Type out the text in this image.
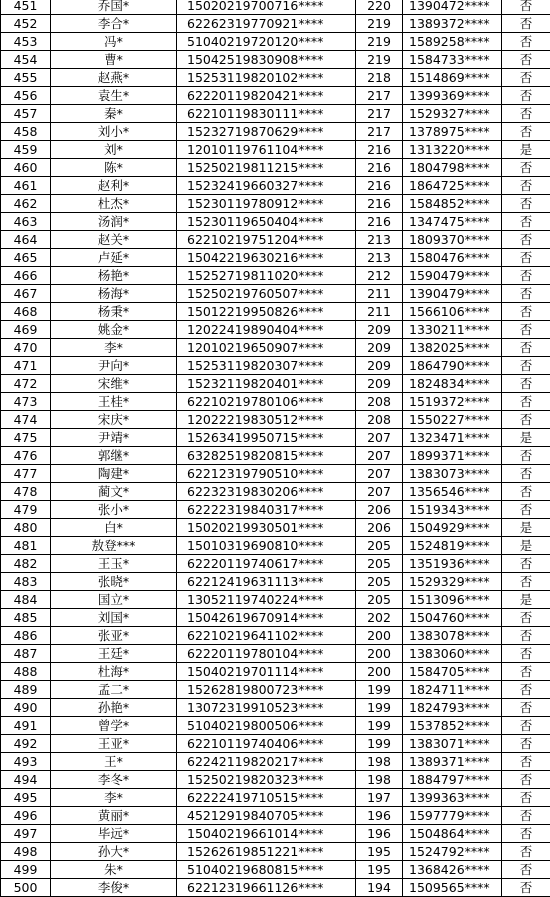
451	乔国*	15020219700716****	220	1390472****	否
452	李合*	62262319770921****	219	1389372****	否
453	冯*	51040219720120****	219	1589258****	否
454	曹*	15042519830908****	219	1584733****	否
455	赵燕*	15253119820102****	218	1514869****	否
456	袁生*	62220119820421****	217	1399369****	否
457	秦*	62210119830111****	217	1529327****	否
458	刘小*	15232719870629****	217	1378975****	否
459	刘*	12010119761104****	216	1313220****	是
460	陈*	15250219811215****	216	1804798****	否
461	赵利*	15232419660327****	216	1864725****	否
462	杜杰*	15230119780912****	216	1584852****	否
463	汤润*	15230119650404****	216	1347475****	否
464	赵关*	62210219751204****	213	1809370****	否
465	卢延*	15042219630216****	213	1580476****	否
466	杨艳*	15252719811020****	212	1590479****	否
467	杨海*	15250219760507****	211	1390479****	否
468	杨秉*	15012219950826****	211	1566106****	否
469	姚金*	12022419890404****	209	1330211****	否
470	李*	12010219650907****	209	1382025****	否
471	尹向*	15253119820307****	209	1864790****	否
472	宋维*	15232119820401****	209	1824834****	否
473	王桂*	62210219780106****	208	1519372****	否
474	宋庆*	12022219830512****	208	1550227****	否
475	尹靖*	15263419950715****	207	1323471****	是
476	郭继*	63282519820815****	207	1899371****	否
477	陶建*	62212319790510****	207	1383073****	否
478	蔺文*	62232319830206****	207	1356546****	否
479	张小*	62222319840317****	206	1519343****	否
480	白*	15020219930501****	206	1504929****	是
481	敖登***	15010319690810****	205	1524819****	是
482	王玉*	62220119740617****	205	1351936****	否
483	张晓*	62212419631113****	205	1529329****	否
484	国立*	13052119740224****	205	1513096****	是
485	刘国*	15042619670914****	202	1504760****	否
486	张亚*	62210219641102****	200	1383078****	否
487	王廷*	62220119780104****	200	1383060****	否
488	杜海*	15040219701114****	200	1584705****	否
489	孟二*	15262819800723****	199	1824711****	否
490	孙艳*	13072319910523****	199	1824793****	否
491	曾学*	51040219800506****	199	1537852****	否
492	王亚*	62210119740406****	199	1383071****	否
493	王*	62242119820217****	198	1389371****	否
494	李冬*	15250219820323****	198	1884797****	否
495	李*	62222419710515****	197	1399363****	否
496	黄丽*	45212919840705****	196	1597779****	否
497	毕远*	15040219661014****	196	1504864****	否
498	孙大*	15262619851221****	195	1524792****	否
499	朱*	51040219680815****	195	1368426****	否
500	李俊*	62212319661126****	194	1509565****	否
